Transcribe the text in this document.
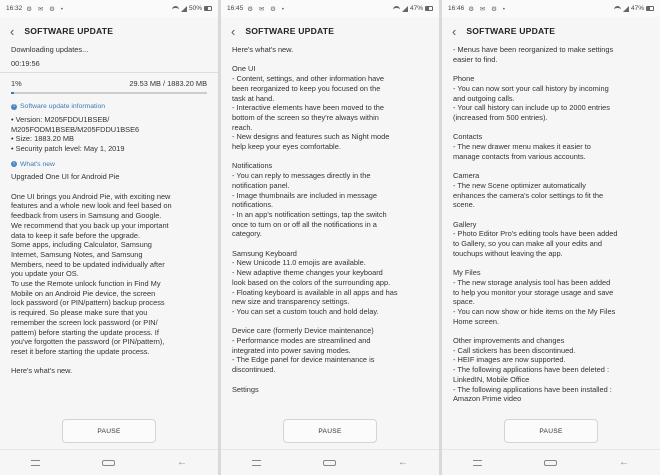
16:32 ⚙ ✉ ⚙ •	50%
‹ SOFTWARE UPDATE
Downloading updates...
00:19:56
1%	29.53 MB / 1883.20 MB
i Software update information
• Version: M205FDDU1BSEB/
M205FODM1BSEB/M205FDDU1BSE6
• Size: 1883.20 MB
• Security patch level: May 1, 2019
i What's new
Upgraded One UI for Android Pie
One UI brings you Android Pie, with exciting new
features and a whole new look and feel based on
feedback from users in Samsung and Google.
We recommend that you back up your important
data to keep it safe before the upgrade.
Some apps, including Calculator, Samsung
Internet, Samsung Notes, and Samsung
Members, need to be updated individually after
you update your OS.
To use the Remote unlock function in Find My
Mobile on an Android Pie device, the screen
lock password (or PIN/pattern) backup process
is required. So please make sure that you
remember the screen lock password (or PIN/
pattern) before starting the update process. If
you've forgotten the password (or PIN/pattern),
reset it before starting the update process.
Here's what's new.
PAUSE
←
16:45 ⚙ ✉ ⚙ •	47%
‹ SOFTWARE UPDATE
Here's what's new.
One UI
- Content, settings, and other information have
been reorganized to keep you focused on the
task at hand.
- Interactive elements have been moved to the
bottom of the screen so they're always within
reach.
- New designs and features such as Night mode
help keep your eyes comfortable.
Notifications
- You can reply to messages directly in the
notification panel.
- Image thumbnails are included in message
notifications.
- In an app's notification settings, tap the switch
once to turn on or off all the notifications in a
category.
Samsung Keyboard
- New Unicode 11.0 emojis are available.
- New adaptive theme changes your keyboard
look based on the colors of the surrounding app.
- Floating keyboard is available in all apps and has
new size and transparency settings.
- You can set a custom touch and hold delay.
Device care (formerly Device maintenance)
- Performance modes are streamlined and
integrated into power saving modes.
- The Edge panel for device maintenance is
discontinued.
Settings
PAUSE
←
16:46 ⚙ ✉ ⚙ •	47%
‹ SOFTWARE UPDATE
- Menus have been reorganized to make settings
easier to find.
Phone
- You can now sort your call history by incoming
and outgoing calls.
- Your call history can include up to 2000 entries
(increased from 500 entries).
Contacts
- The new drawer menu makes it easier to
manage contacts from various accounts.
Camera
- The new Scene optimizer automatically
enhances the camera's color settings to fit the
scene.
Gallery
- Photo Editor Pro's editing tools have been added
to Gallery, so you can make all your edits and
touchups without leaving the app.
My Files
- The new storage analysis tool has been added
to help you monitor your storage usage and save
space.
- You can now show or hide items on the My Files
Home screen.
Other improvements and changes
- Call stickers has been discontinued.
- HEIF images are now supported.
- The following applications have been deleted :
LinkedIN, Mobile Office
- The following applications have been installed :
Amazon Prime video
PAUSE
←
